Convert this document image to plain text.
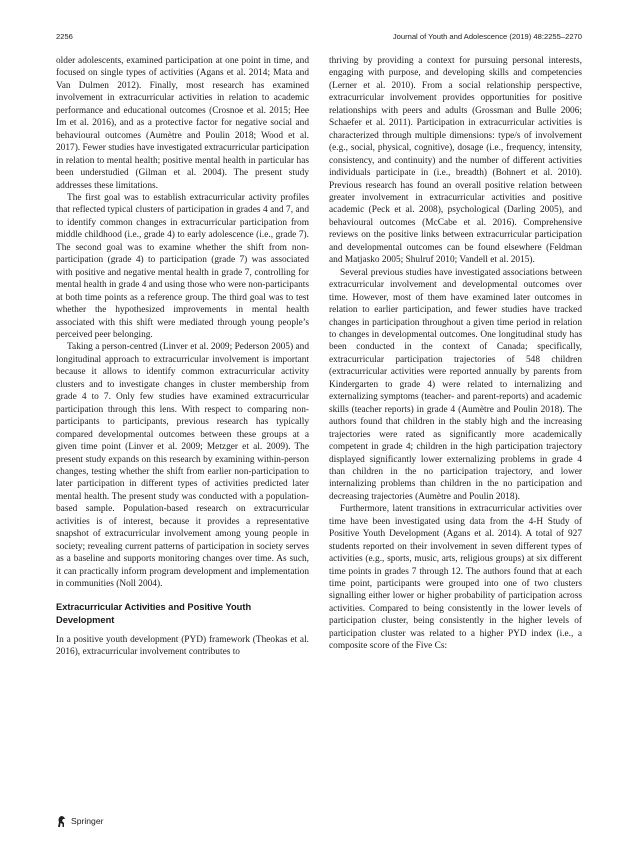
2256	Journal of Youth and Adolescence (2019) 48:2255–2270

older adolescents, examined participation at one point in time, and focused on single types of activities (Agans et al. 2014; Mata and Van Dulmen 2012). Finally, most research has examined involvement in extracurricular activities in relation to academic performance and educational outcomes (Crosnoe et al. 2015; Hee Im et al. 2016), and as a protective factor for negative social and behavioural outcomes (Aumètre and Poulin 2018; Wood et al. 2017). Fewer studies have investigated extracurricular participation in relation to mental health; positive mental health in particular has been understudied (Gilman et al. 2004). The present study addresses these limitations.

The first goal was to establish extracurricular activity profiles that reflected typical clusters of participation in grades 4 and 7, and to identify common changes in extracurricular participation from middle childhood (i.e., grade 4) to early adolescence (i.e., grade 7). The second goal was to examine whether the shift from non-participation (grade 4) to participation (grade 7) was associated with positive and negative mental health in grade 7, controlling for mental health in grade 4 and using those who were non-participants at both time points as a reference group. The third goal was to test whether the hypothesized improvements in mental health associated with this shift were mediated through young people’s perceived peer belonging.

Taking a person-centred (Linver et al. 2009; Pederson 2005) and longitudinal approach to extracurricular involvement is important because it allows to identify common extracurricular activity clusters and to investigate changes in cluster membership from grade 4 to 7. Only few studies have examined extracurricular participation through this lens. With respect to comparing non-participants to participants, previous research has typically compared developmental outcomes between these groups at a given time point (Linver et al. 2009; Metzger et al. 2009). The present study expands on this research by examining within-person changes, testing whether the shift from earlier non-participation to later participation in different types of activities predicted later mental health. The present study was conducted with a population-based sample. Population-based research on extracurricular activities is of interest, because it provides a representative snapshot of extracurricular involvement among young people in society; revealing current patterns of participation in society serves as a baseline and supports monitoring changes over time. As such, it can practically inform program development and implementation in communities (Noll 2004).

Extracurricular Activities and Positive Youth Development

In a positive youth development (PYD) framework (Theokas et al. 2016), extracurricular involvement contributes to

thriving by providing a context for pursuing personal interests, engaging with purpose, and developing skills and competencies (Lerner et al. 2010). From a social relationship perspective, extracurricular involvement provides opportunities for positive relationships with peers and adults (Grossman and Bulle 2006; Schaefer et al. 2011). Participation in extracurricular activities is characterized through multiple dimensions: type/s of involvement (e.g., social, physical, cognitive), dosage (i.e., frequency, intensity, consistency, and continuity) and the number of different activities individuals participate in (i.e., breadth) (Bohnert et al. 2010). Previous research has found an overall positive relation between greater involvement in extracurricular activities and positive academic (Peck et al. 2008), psychological (Darling 2005), and behavioural outcomes (McCabe et al. 2016). Comprehensive reviews on the positive links between extracurricular participation and developmental outcomes can be found elsewhere (Feldman and Matjasko 2005; Shulruf 2010; Vandell et al. 2015).

Several previous studies have investigated associations between extracurricular involvement and developmental outcomes over time. However, most of them have examined later outcomes in relation to earlier participation, and fewer studies have tracked changes in participation throughout a given time period in relation to changes in developmental outcomes. One longitudinal study has been conducted in the context of Canada; specifically, extracurricular participation trajectories of 548 children (extracurricular activities were reported annually by parents from Kindergarten to grade 4) were related to internalizing and externalizing symptoms (teacher- and parent-reports) and academic skills (teacher reports) in grade 4 (Aumètre and Poulin 2018). The authors found that children in the stably high and the increasing trajectories were rated as significantly more academically competent in grade 4; children in the high participation trajectory displayed significantly lower externalizing problems in grade 4 than children in the no participation trajectory, and lower internalizing problems than children in the no participation and decreasing trajectories (Aumètre and Poulin 2018).

Furthermore, latent transitions in extracurricular activities over time have been investigated using data from the 4-H Study of Positive Youth Development (Agans et al. 2014). A total of 927 students reported on their involvement in seven different types of activities (e.g., sports, music, arts, religious groups) at six different time points in grades 7 through 12. The authors found that at each time point, participants were grouped into one of two clusters signalling either lower or higher probability of participation across activities. Compared to being consistently in the lower levels of participation cluster, being consistently in the higher levels of participation cluster was related to a higher PYD index (i.e., a composite score of the Five Cs:

Springer
